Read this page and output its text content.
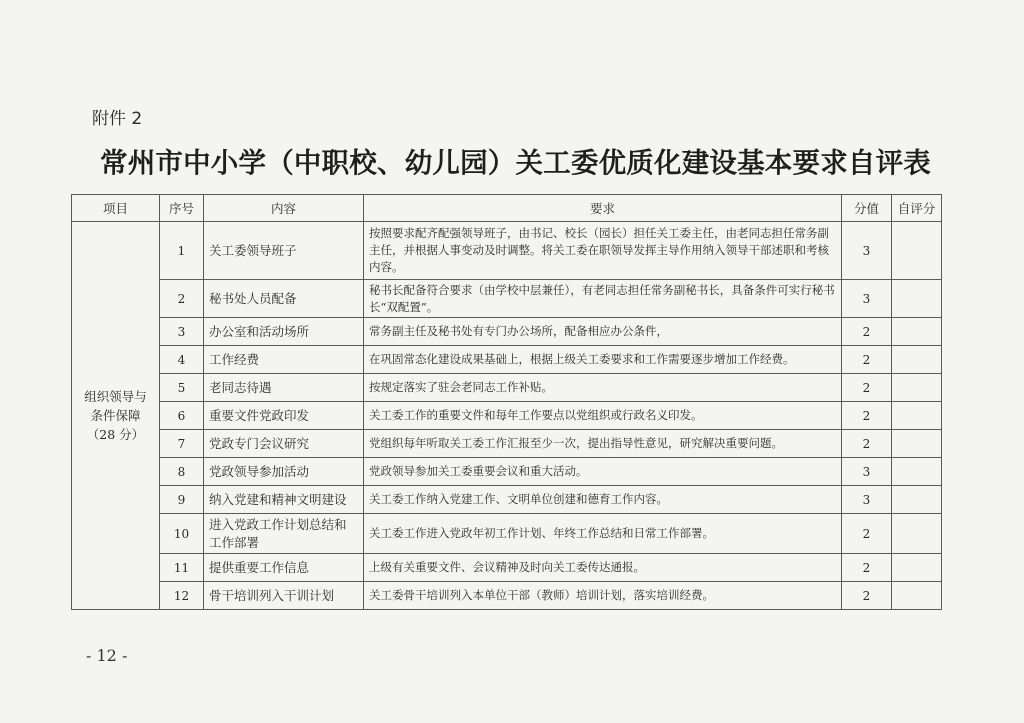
附件 2
常州市中小学（中职校、幼儿园）关工委优质化建设基本要求自评表
项目	序号	内容	要求	分值	自评分
组织领导与
条件保障
（28 分）	1	关工委领导班子	按照要求配齐配强领导班子，由书记、校长（园长）担任关工委主任，由老同志担任常务副主任，并根据人事变动及时调整。将关工委在职领导发挥主导作用纳入领导干部述职和考核内容。	3	
	2	秘书处人员配备	秘书长配备符合要求（由学校中层兼任），有老同志担任常务副秘书长，具备条件可实行秘书长“双配置”。	3	
	3	办公室和活动场所	常务副主任及秘书处有专门办公场所，配备相应办公条件，	2	
	4	工作经费	在巩固常态化建设成果基础上，根据上级关工委要求和工作需要逐步增加工作经费。	2	
	5	老同志待遇	按规定落实了驻会老同志工作补贴。	2	
	6	重要文件党政印发	关工委工作的重要文件和每年工作要点以党组织或行政名义印发。	2	
	7	党政专门会议研究	党组织每年听取关工委工作汇报至少一次，提出指导性意见，研究解决重要问题。	2	
	8	党政领导参加活动	党政领导参加关工委重要会议和重大活动。	3	
	9	纳入党建和精神文明建设	关工委工作纳入党建工作、文明单位创建和德育工作内容。	3	
	10	进入党政工作计划总结和工作部署	关工委工作进入党政年初工作计划、年终工作总结和日常工作部署。	2	
	11	提供重要工作信息	上级有关重要文件、会议精神及时向关工委传达通报。	2	
	12	骨干培训列入干训计划	关工委骨干培训列入本单位干部（教师）培训计划，落实培训经费。	2	
- 12 -
